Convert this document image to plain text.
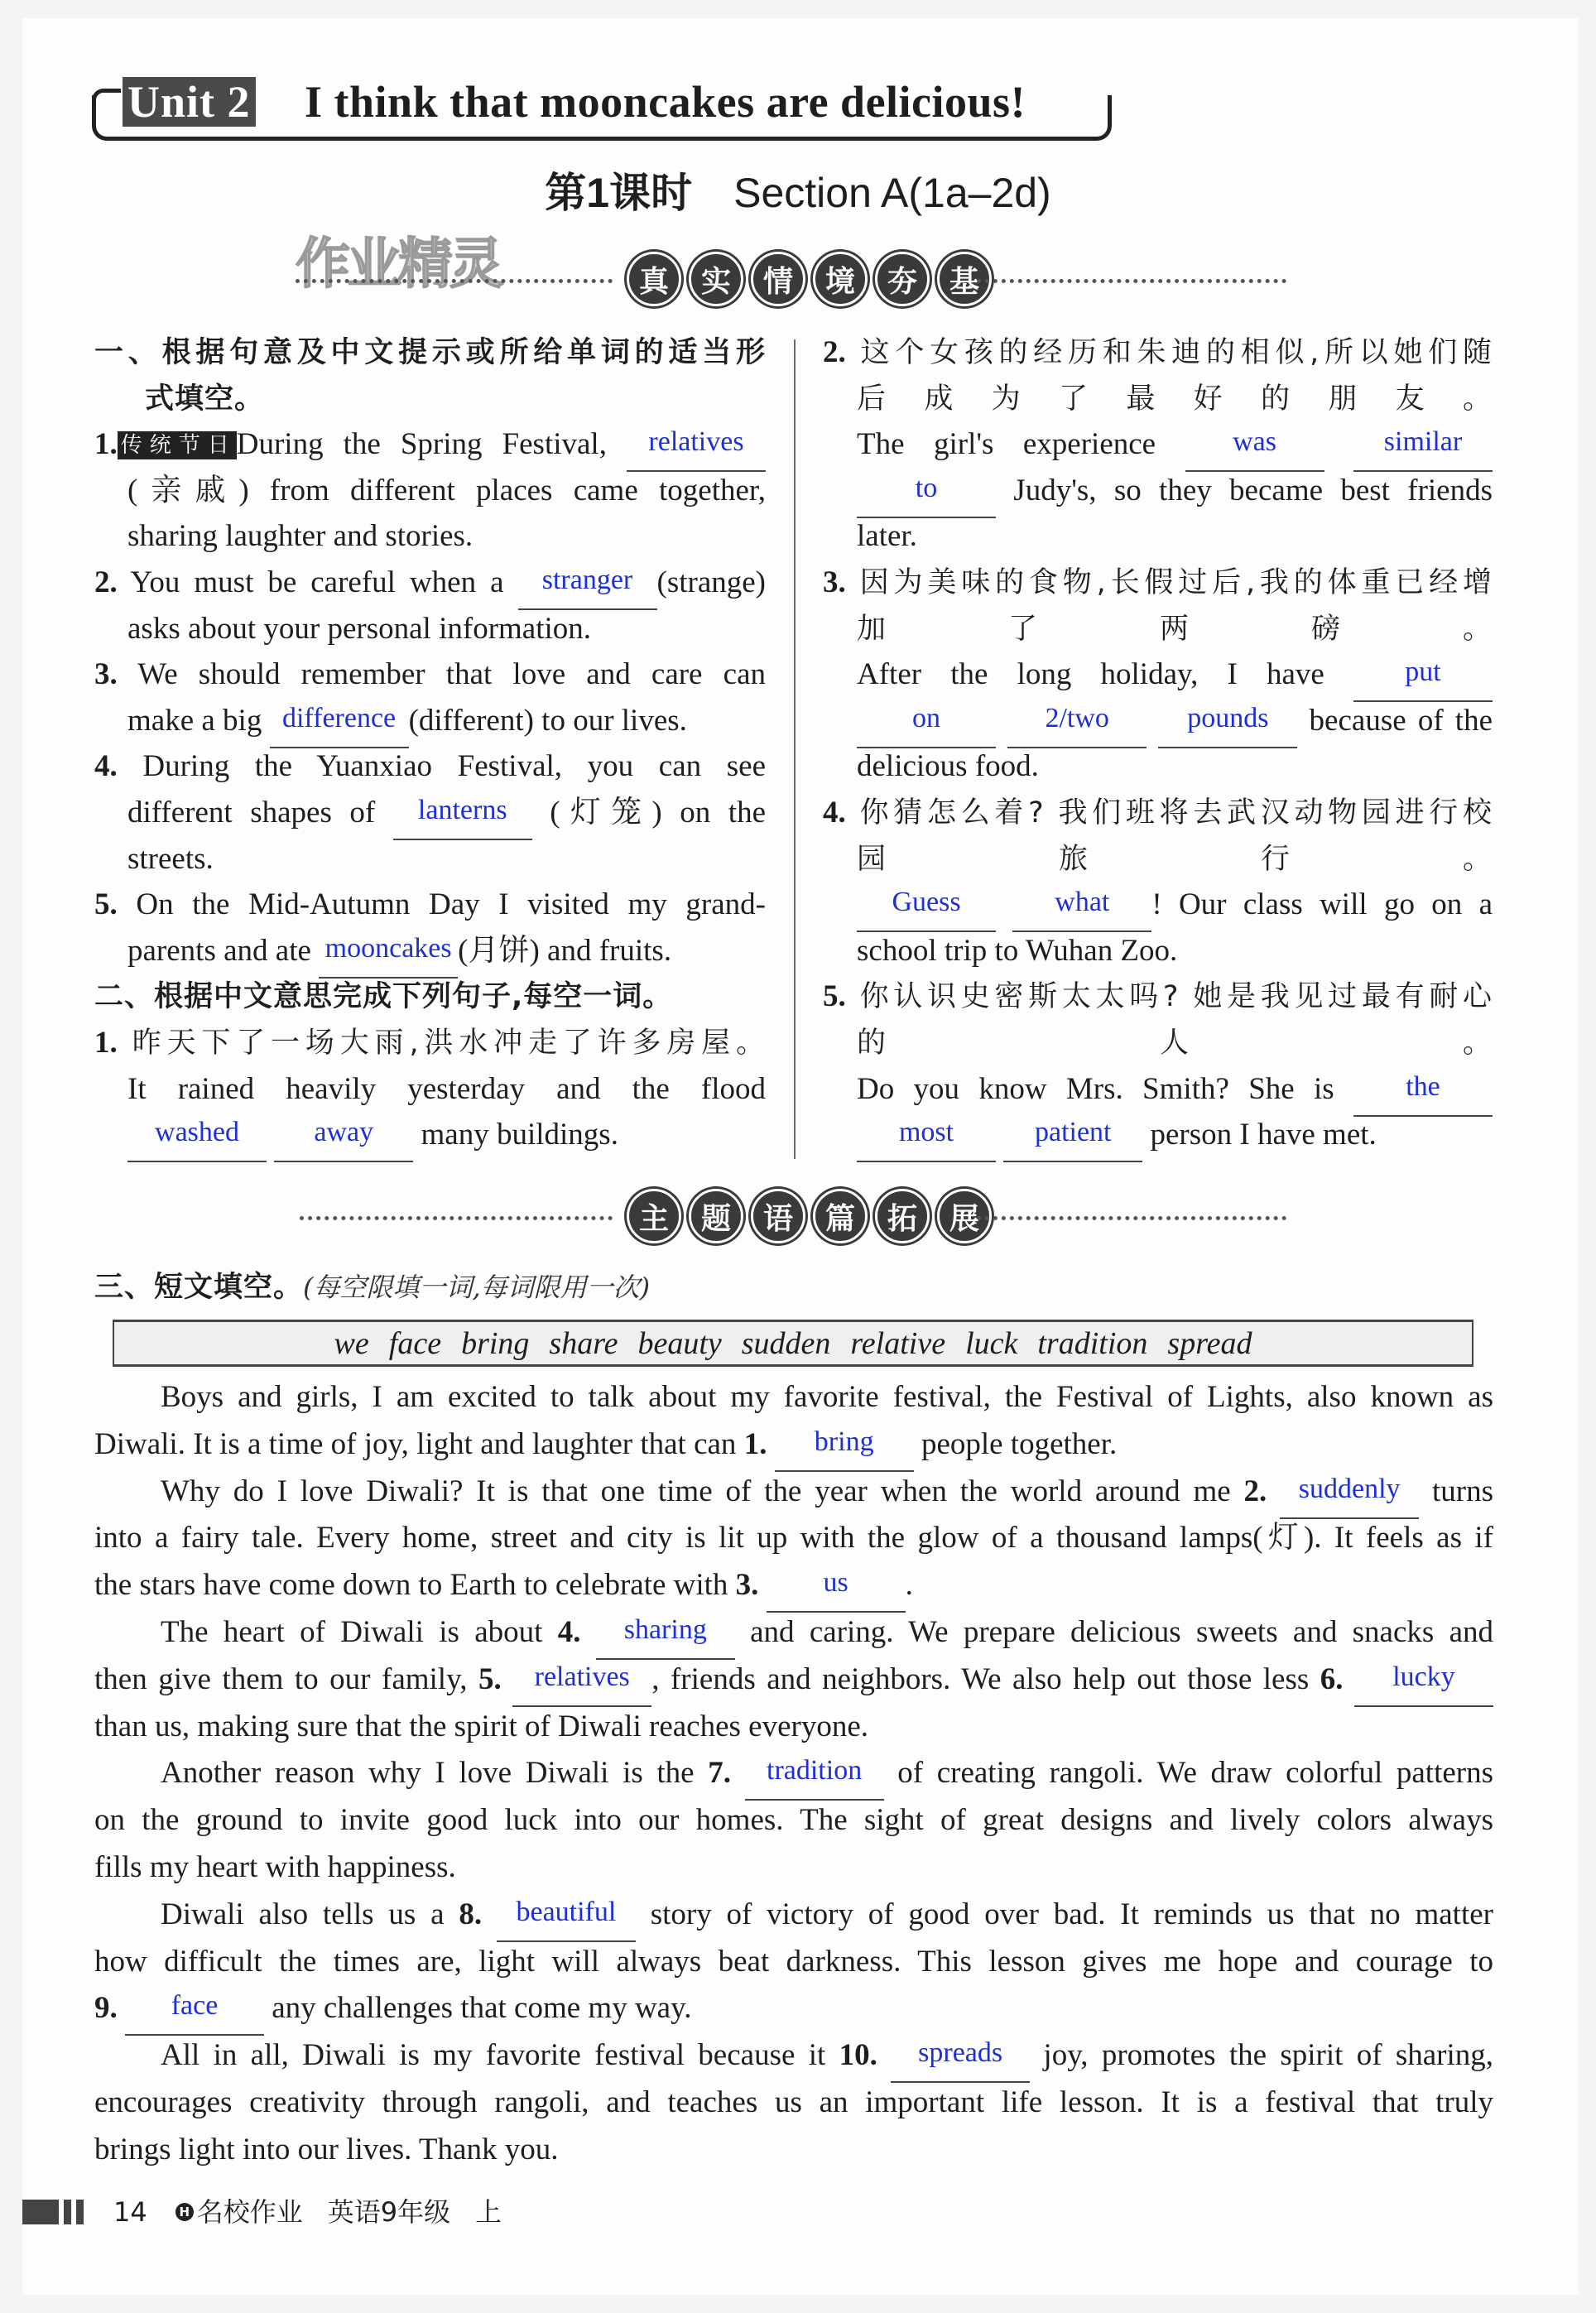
Unit 2 I think that mooncakes are delicious!
第1课时 Section A(1a–2d)
作业精灵	真	实	情	境	夯	基
一、根据句意及中文提示或所给单词的适当形
式填空。
1. 传统节日During the Spring Festival, relatives
(亲戚) from different places came together,
sharing laughter and stories.
2. You must be careful when a stranger (strange)
asks about your personal information.
3. We should remember that love and care can
make a big difference (different) to our lives.
4. During the Yuanxiao Festival, you can see
different shapes of lanterns (灯笼) on the
streets.
5. On the Mid-Autumn Day I visited my grand-
parents and ate mooncakes (月饼) and fruits.
二、根据中文意思完成下列句子,每空一词。
1. 昨天下了一场大雨,洪水冲走了许多房屋。
It rained heavily yesterday and the flood
washed	away many buildings.
2. 这个女孩的经历和朱迪的相似,所以她们随
后成为了最好的朋友。
The girl's experience was	similar
to Judy's, so they became best friends
later.
3. 因为美味的食物,长假过后,我的体重已经增
加了两磅。
After the long holiday, I have put
on	2/two	pounds because of the
delicious food.
4. 你猜怎么着? 我们班将去武汉动物园进行校
园旅行。
Guess	what ! Our class will go on a
school trip to Wuhan Zoo.
5. 你认识史密斯太太吗? 她是我见过最有耐心
的人。
Do you know Mrs. Smith? She is the
most	patient person I have met.
主	题	语	篇	拓	展
三、短文填空。(每空限填一词,每词限用一次)
we face bring share beauty sudden relative luck tradition spread
Boys and girls, I am excited to talk about my favorite festival, the Festival of Lights, also known as
Diwali. It is a time of joy, light and laughter that can 1. bring people together.
Why do I love Diwali? It is that one time of the year when the world around me 2. suddenly turns
into a fairy tale. Every home, street and city is lit up with the glow of a thousand lamps(灯). It feels as if
the stars have come down to Earth to celebrate with 3. us .
The heart of Diwali is about 4. sharing and caring. We prepare delicious sweets and snacks and
then give them to our family, 5. relatives , friends and neighbors. We also help out those less 6. lucky
than us, making sure that the spirit of Diwali reaches everyone.
Another reason why I love Diwali is the 7. tradition of creating rangoli. We draw colorful patterns
on the ground to invite good luck into our homes. The sight of great designs and lively colors always
fills my heart with happiness.
Diwali also tells us a 8. beautiful story of victory of good over bad. It reminds us that no matter
how difficult the times are, light will always beat darkness. This lesson gives me hope and courage to
9. face any challenges that come my way.
All in all, Diwali is my favorite festival because it 10. spreads joy, promotes the spirit of sharing,
encourages creativity through rangoli, and teaches us an important life lesson. It is a festival that truly
brings light into our lives. Thank you.
14	H 名校作业 英语9年级 上
